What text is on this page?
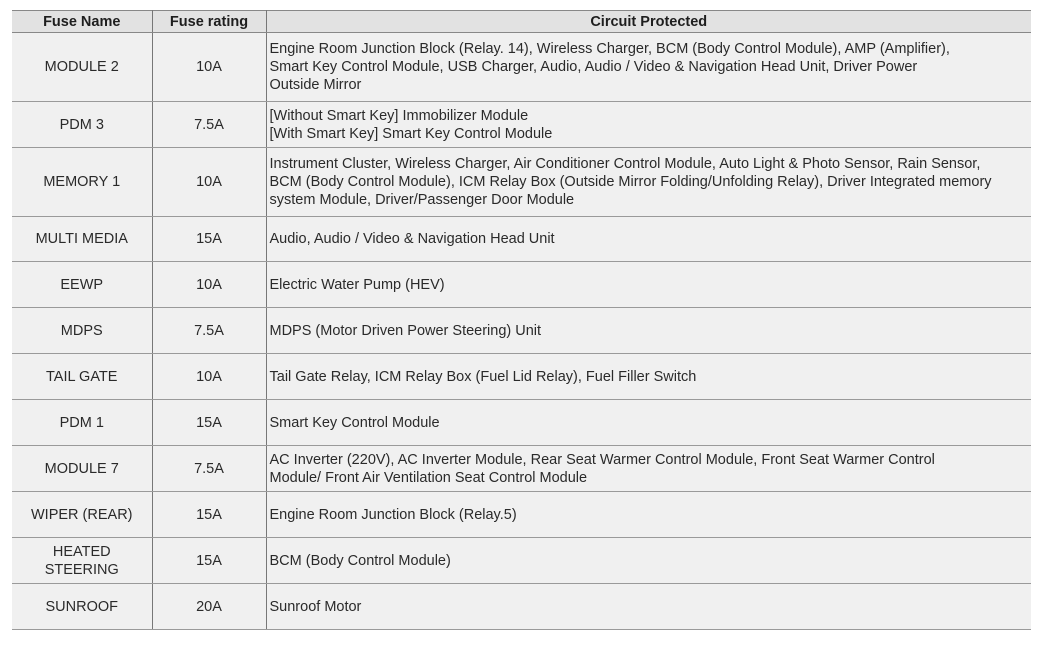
Fuse Name	Fuse rating	Circuit Protected

MODULE 2	10A	Engine Room Junction Block (Relay. 14), Wireless Charger, BCM (Body Control Module), AMP (Amplifier),
Smart Key Control Module, USB Charger, Audio, Audio / Video & Navigation Head Unit, Driver Power
Outside Mirror

PDM 3	7.5A	[Without Smart Key] Immobilizer Module
[With Smart Key] Smart Key Control Module

MEMORY 1	10A	Instrument Cluster, Wireless Charger, Air Conditioner Control Module, Auto Light & Photo Sensor, Rain Sensor,
BCM (Body Control Module), ICM Relay Box (Outside Mirror Folding/Unfolding Relay), Driver Integrated memory
system Module, Driver/Passenger Door Module

MULTI MEDIA	15A	Audio, Audio / Video & Navigation Head Unit

EEWP	10A	Electric Water Pump (HEV)

MDPS	7.5A	MDPS (Motor Driven Power Steering) Unit

TAIL GATE	10A	Tail Gate Relay, ICM Relay Box (Fuel Lid Relay), Fuel Filler Switch

PDM 1	15A	Smart Key Control Module

MODULE 7	7.5A	AC Inverter (220V), AC Inverter Module, Rear Seat Warmer Control Module, Front Seat Warmer Control
Module/ Front Air Ventilation Seat Control Module

WIPER (REAR)	15A	Engine Room Junction Block (Relay.5)

HEATED
STEERING	15A	BCM (Body Control Module)

SUNROOF	20A	Sunroof Motor
